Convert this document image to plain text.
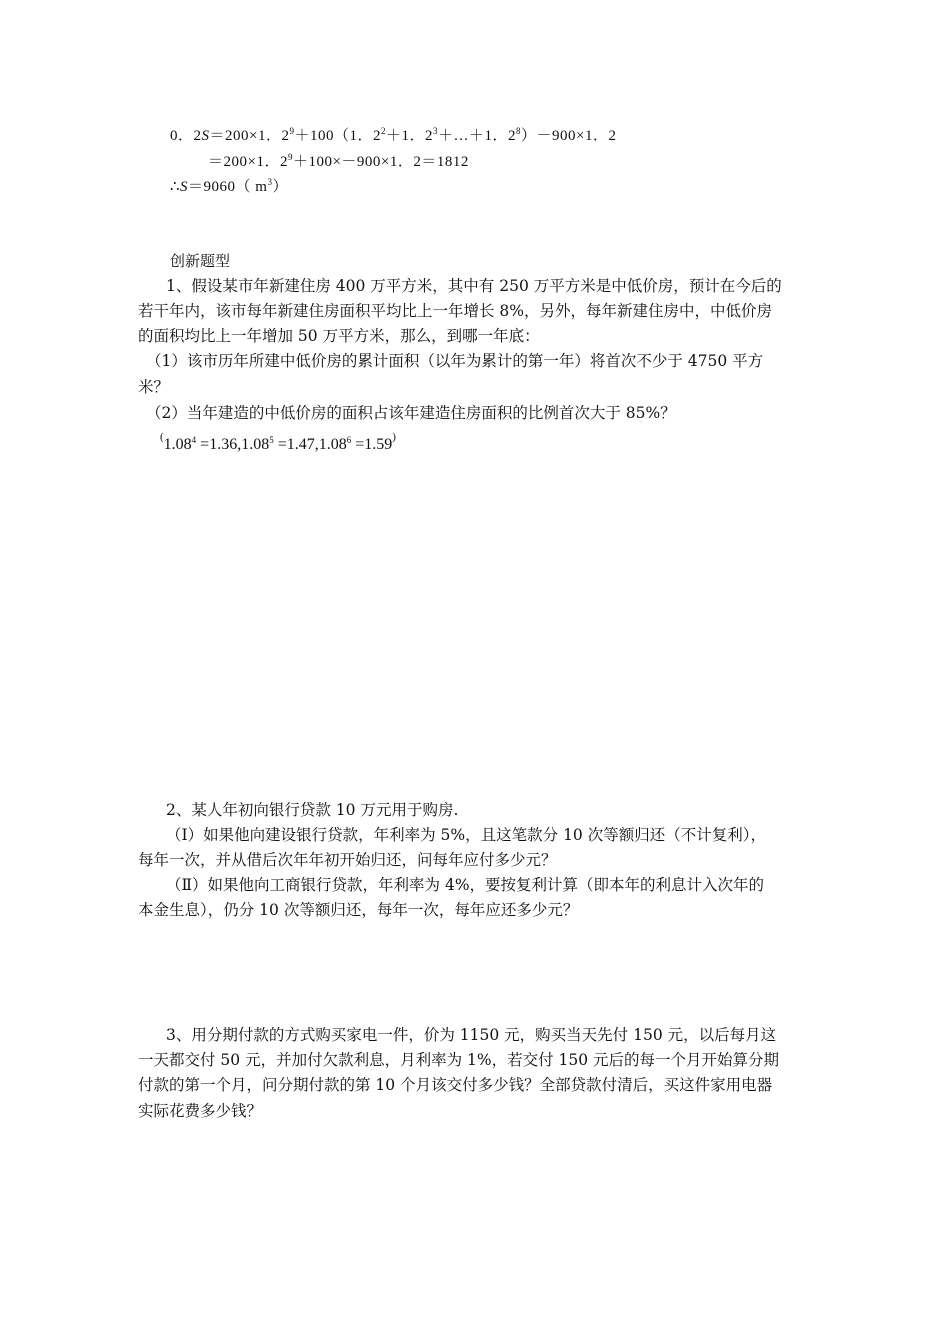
0．2S＝200×1．$2^9+100(1$．$2^2+1$．$2^3+\dots+1$．$2^8)-900\times 1$．2
＝200×1．$2^9+100\times-900\times 1$．2＝1812
∴S＝9060（ $m^3$）
创新题型
1、假设某市年新建住房 400 万平方米，其中有 250 万平方米是中低价房，预计在今后的
若干年内，该市每年新建住房面积平均比上一年增长 8%，另外，每年新建住房中，中低价房
的面积均比上一年增加 50 万平方米，那么，到哪一年底：
（1）该市历年所建中低价房的累计面积（以年为累计的第一年）将首次不少于 4750 平方
米？
（2）当年建造的中低价房的面积占该年建造住房面积的比例首次大于 85%？
$^(1.08^4 =1.36,1.08^5 =1.47,1.08^6 =1.59^)$
2、某人年初向银行贷款 10 万元用于购房.
（Ⅰ）如果他向建设银行贷款，年利率为 5%，且这笔款分 10 次等额归还（不计复利），
每年一次，并从借后次年年初开始归还，问每年应付多少元？
（Ⅱ）如果他向工商银行贷款，年利率为 4%，要按复利计算（即本年的利息计入次年的
本金生息），仍分 10 次等额归还，每年一次，每年应还多少元？
3、用分期付款的方式购买家电一件，价为 1150 元，购买当天先付 150 元，以后每月这
一天都交付 50 元，并加付欠款利息，月利率为 1%，若交付 150 元后的每一个月开始算分期
付款的第一个月，问分期付款的第 10 个月该交付多少钱？全部贷款付清后，买这件家用电器
实际花费多少钱？
